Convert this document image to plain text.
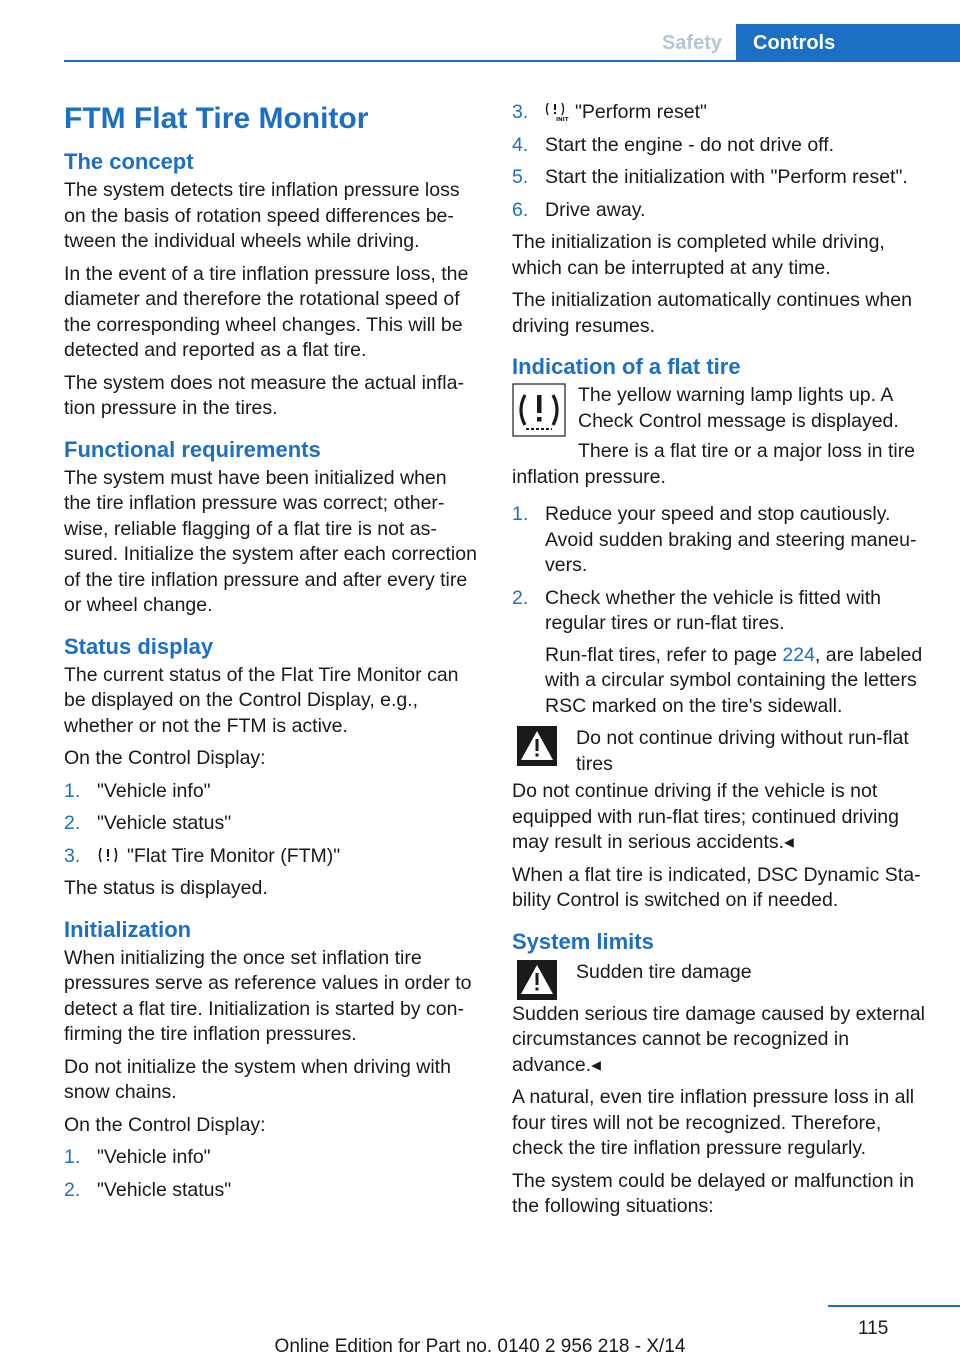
Safety Controls
FTM Flat Tire Monitor
The concept

The system detects tire inflation pressure loss on the basis of rotation speed differences between the individual wheels while driving.

In the event of a tire inflation pressure loss, the diameter and therefore the rotational speed of the corresponding wheel changes. This will be detected and reported as a flat tire.

The system does not measure the actual inflation pressure in the tires.

Functional requirements

The system must have been initialized when the tire inflation pressure was correct; otherwise, reliable flagging of a flat tire is not assured. Initialize the system after each correction of the tire inflation pressure and after every tire or wheel change.

Status display

The current status of the Flat Tire Monitor can be displayed on the Control Display, e.g., whether or not the FTM is active.

On the Control Display:

1. "Vehicle info"
2. "Vehicle status"
3.	"Flat Tire Monitor (FTM)"

The status is displayed.

Initialization

When initializing the once set inflation tire pressures serve as reference values in order to detect a flat tire. Initialization is started by confirming the tire inflation pressures.

Do not initialize the system when driving with snow chains.

On the Control Display:

1. "Vehicle info"
2. "Vehicle status"
3.	INIT "Perform reset"
4. Start the engine - do not drive off.
5. Start the initialization with "Perform reset".
6. Drive away.

The initialization is completed while driving, which can be interrupted at any time.

The initialization automatically continues when driving resumes.

Indication of a flat tire

The yellow warning lamp lights up. A Check Control message is displayed.

There is a flat tire or a major loss in tire inflation pressure.

1. Reduce your speed and stop cautiously. Avoid sudden braking and steering maneuvers.
2. Check whether the vehicle is fitted with regular tires or run-flat tires.

Run-flat tires, refer to page 224, are labeled with a circular symbol containing the letters RSC marked on the tire's sidewall.

Do not continue driving without run-flat tires

Do not continue driving if the vehicle is not equipped with run-flat tires; continued driving may result in serious accidents.◂

When a flat tire is indicated, DSC Dynamic Stability Control is switched on if needed.

System limits

Sudden tire damage

Sudden serious tire damage caused by external circumstances cannot be recognized in advance.◂

A natural, even tire inflation pressure loss in all four tires will not be recognized. Therefore, check the tire inflation pressure regularly.

The system could be delayed or malfunction in the following situations:

115
Online Edition for Part no. 0140 2 956 218 - X/14
